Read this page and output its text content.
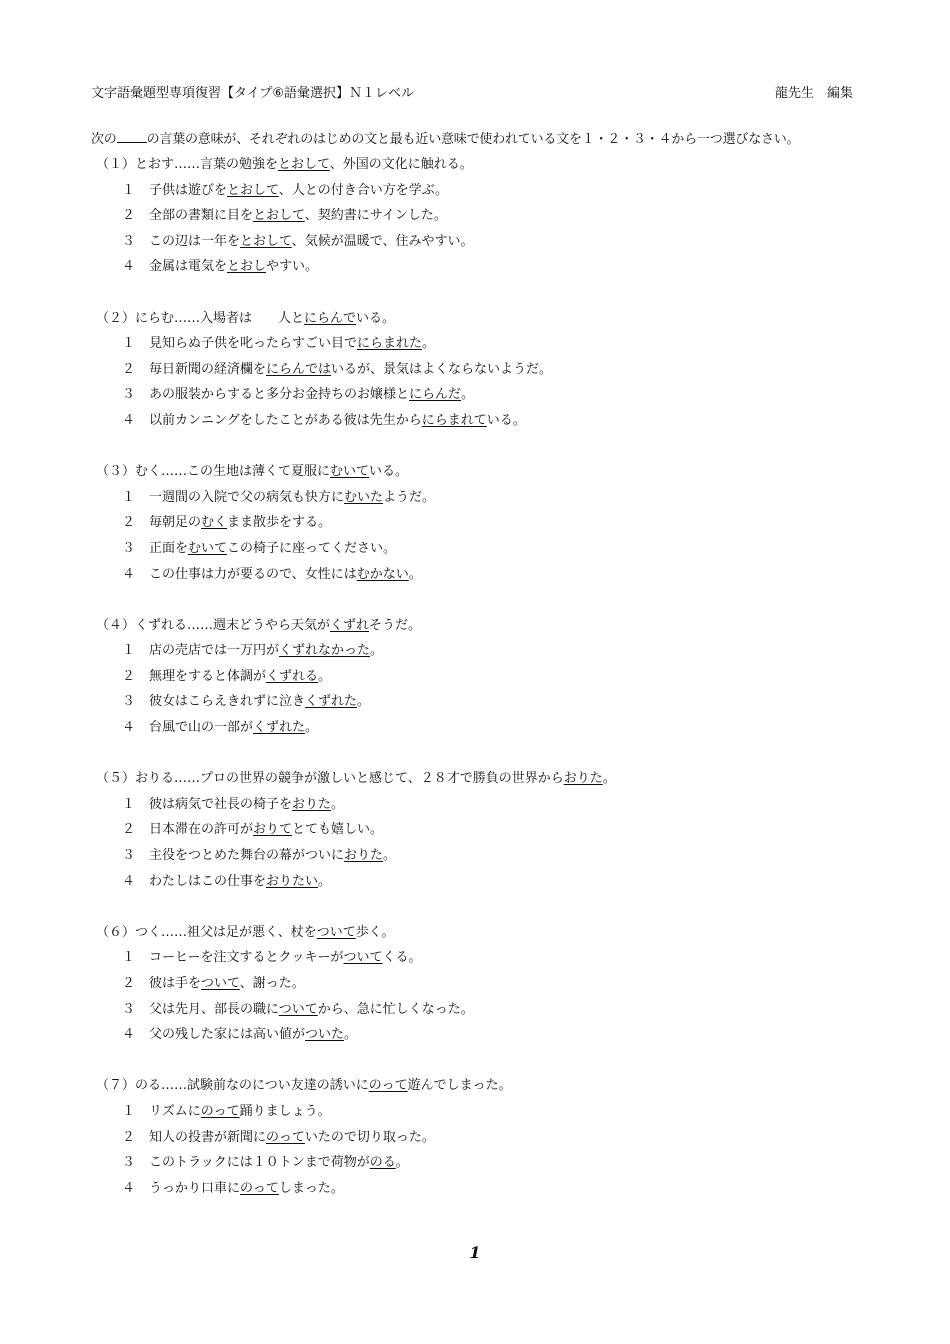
文字語彙題型専項復習【タイプ⑥語彙選択】Ｎ１レベル	龍先生　編集
次の の言葉の意味が、それぞれのはじめの文と最も近い意味で使われている文を１・２・３・４から一つ選びなさい。
（１）とおす……言葉の勉強をとおして、外国の文化に触れる。
１ 子供は遊びをとおして、人との付き合い方を学ぶ。
２ 全部の書類に目をとおして、契約書にサインした。
３ この辺は一年をとおして、気候が温暖で、住みやすい。
４ 金属は電気をとおしやすい。
（２）にらむ……入場者は　　人とにらんでいる。
１ 見知らぬ子供を叱ったらすごい目でにらまれた。
２ 毎日新聞の経済欄をにらんではいるが、景気はよくならないようだ。
３ あの服装からすると多分お金持ちのお嬢様とにらんだ。
４ 以前カンニングをしたことがある彼は先生からにらまれている。
（３）むく……この生地は薄くて夏服にむいている。
１ 一週間の入院で父の病気も快方にむいたようだ。
２ 毎朝足のむくまま散歩をする。
３ 正面をむいてこの椅子に座ってください。
４ この仕事は力が要るので、女性にはむかない。
（４）くずれる……週末どうやら天気がくずれそうだ。
１ 店の売店では一万円がくずれなかった。
２ 無理をすると体調がくずれる。
３ 彼女はこらえきれずに泣きくずれた。
４ 台風で山の一部がくずれた。
（５）おりる……プロの世界の競争が激しいと感じて、２８才で勝負の世界からおりた。
１ 彼は病気で社長の椅子をおりた。
２ 日本滞在の許可がおりてとても嬉しい。
３ 主役をつとめた舞台の幕がついにおりた。
４ わたしはこの仕事をおりたい。
（６）つく……祖父は足が悪く、杖をついて歩く。
１ コーヒーを注文するとクッキーがついてくる。
２ 彼は手をついて、謝った。
３ 父は先月、部長の職についてから、急に忙しくなった。
４ 父の残した家には高い値がついた。
（７）のる……試験前なのについ友達の誘いにのって遊んでしまった。
１ リズムにのって踊りましょう。
２ 知人の投書が新聞にのっていたので切り取った。
３ このトラックには１０トンまで荷物がのる。
４ うっかり口車にのってしまった。
1
